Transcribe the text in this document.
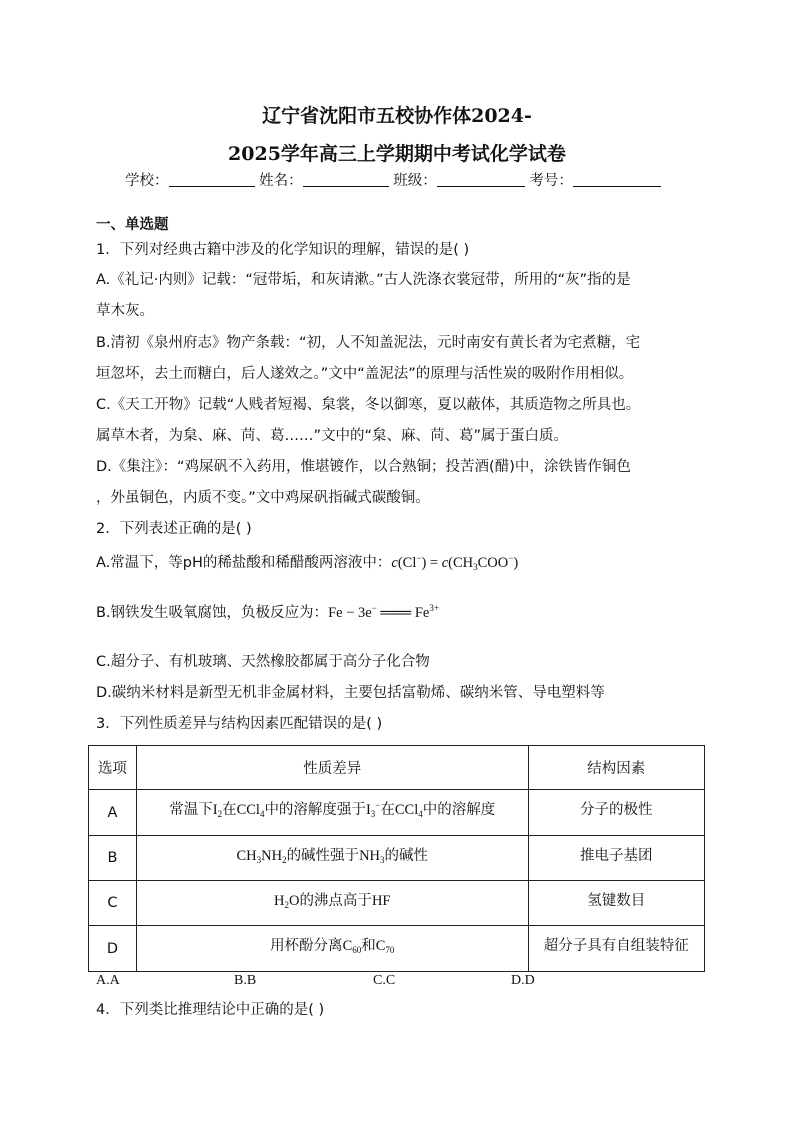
辽宁省沈阳市五校协作体2024-
2025学年高三上学期期中考试化学试卷
学校：	姓名：	班级：	考号：
一、单选题
1．下列对经典古籍中涉及的化学知识的理解，错误的是( )
A.《礼记·内则》记载：“冠带垢，和灰请漱。”古人洗涤衣裳冠带，所用的“灰”指的是
草木灰。
B.清初《泉州府志》物产条载：“初，人不知盖泥法，元时南安有黄长者为宅煮糖，宅
垣忽坏，去土而糖白，后人遂效之。”文中“盖泥法”的原理与活性炭的吸附作用相似。
C.《天工开物》记载“人贱者短褐、枲裳，冬以御寒，夏以蔽体，其质造物之所具也。
属草木者，为枲、麻、苘、葛……”文中的“枲、麻、苘、葛”属于蛋白质。
D.《集注》：“鸡屎矾不入药用，惟堪镀作，以合熟铜；投苦酒(醋)中，涂铁皆作铜色
，外虽铜色，内质不变。”文中鸡屎矾指碱式碳酸铜。
2．下列表述正确的是( )
A.常温下，等pH的稀盐酸和稀醋酸两溶液中：$c(Cl^-) = c(CH_3COO^-)$
B.钢铁发生吸氧腐蚀，负极反应为：Fe − 3e− ═══ $Fe^{3+}$
C.超分子、有机玻璃、天然橡胶都属于高分子化合物
D.碳纳米材料是新型无机非金属材料，主要包括富勒烯、碳纳米管、导电塑料等
3．下列性质差异与结构因素匹配错误的是( )
选项	性质差异	结构因素
A	常温下$I_2$在CCl$_4$中的溶解度强于$I_3^-$在CCl$_4$中的溶解度	分子的极性
B	$CH_3NH_2$的碱性强于$NH_3$的碱性	推电子基团
C	$H_2O$的沸点高于HF	氢键数目
D	用杯酚分离$C_{60}$和$C_{70}$	超分子具有自组装特征
A.A	B.B	C.C	D.D
4．下列类比推理结论中正确的是( )
